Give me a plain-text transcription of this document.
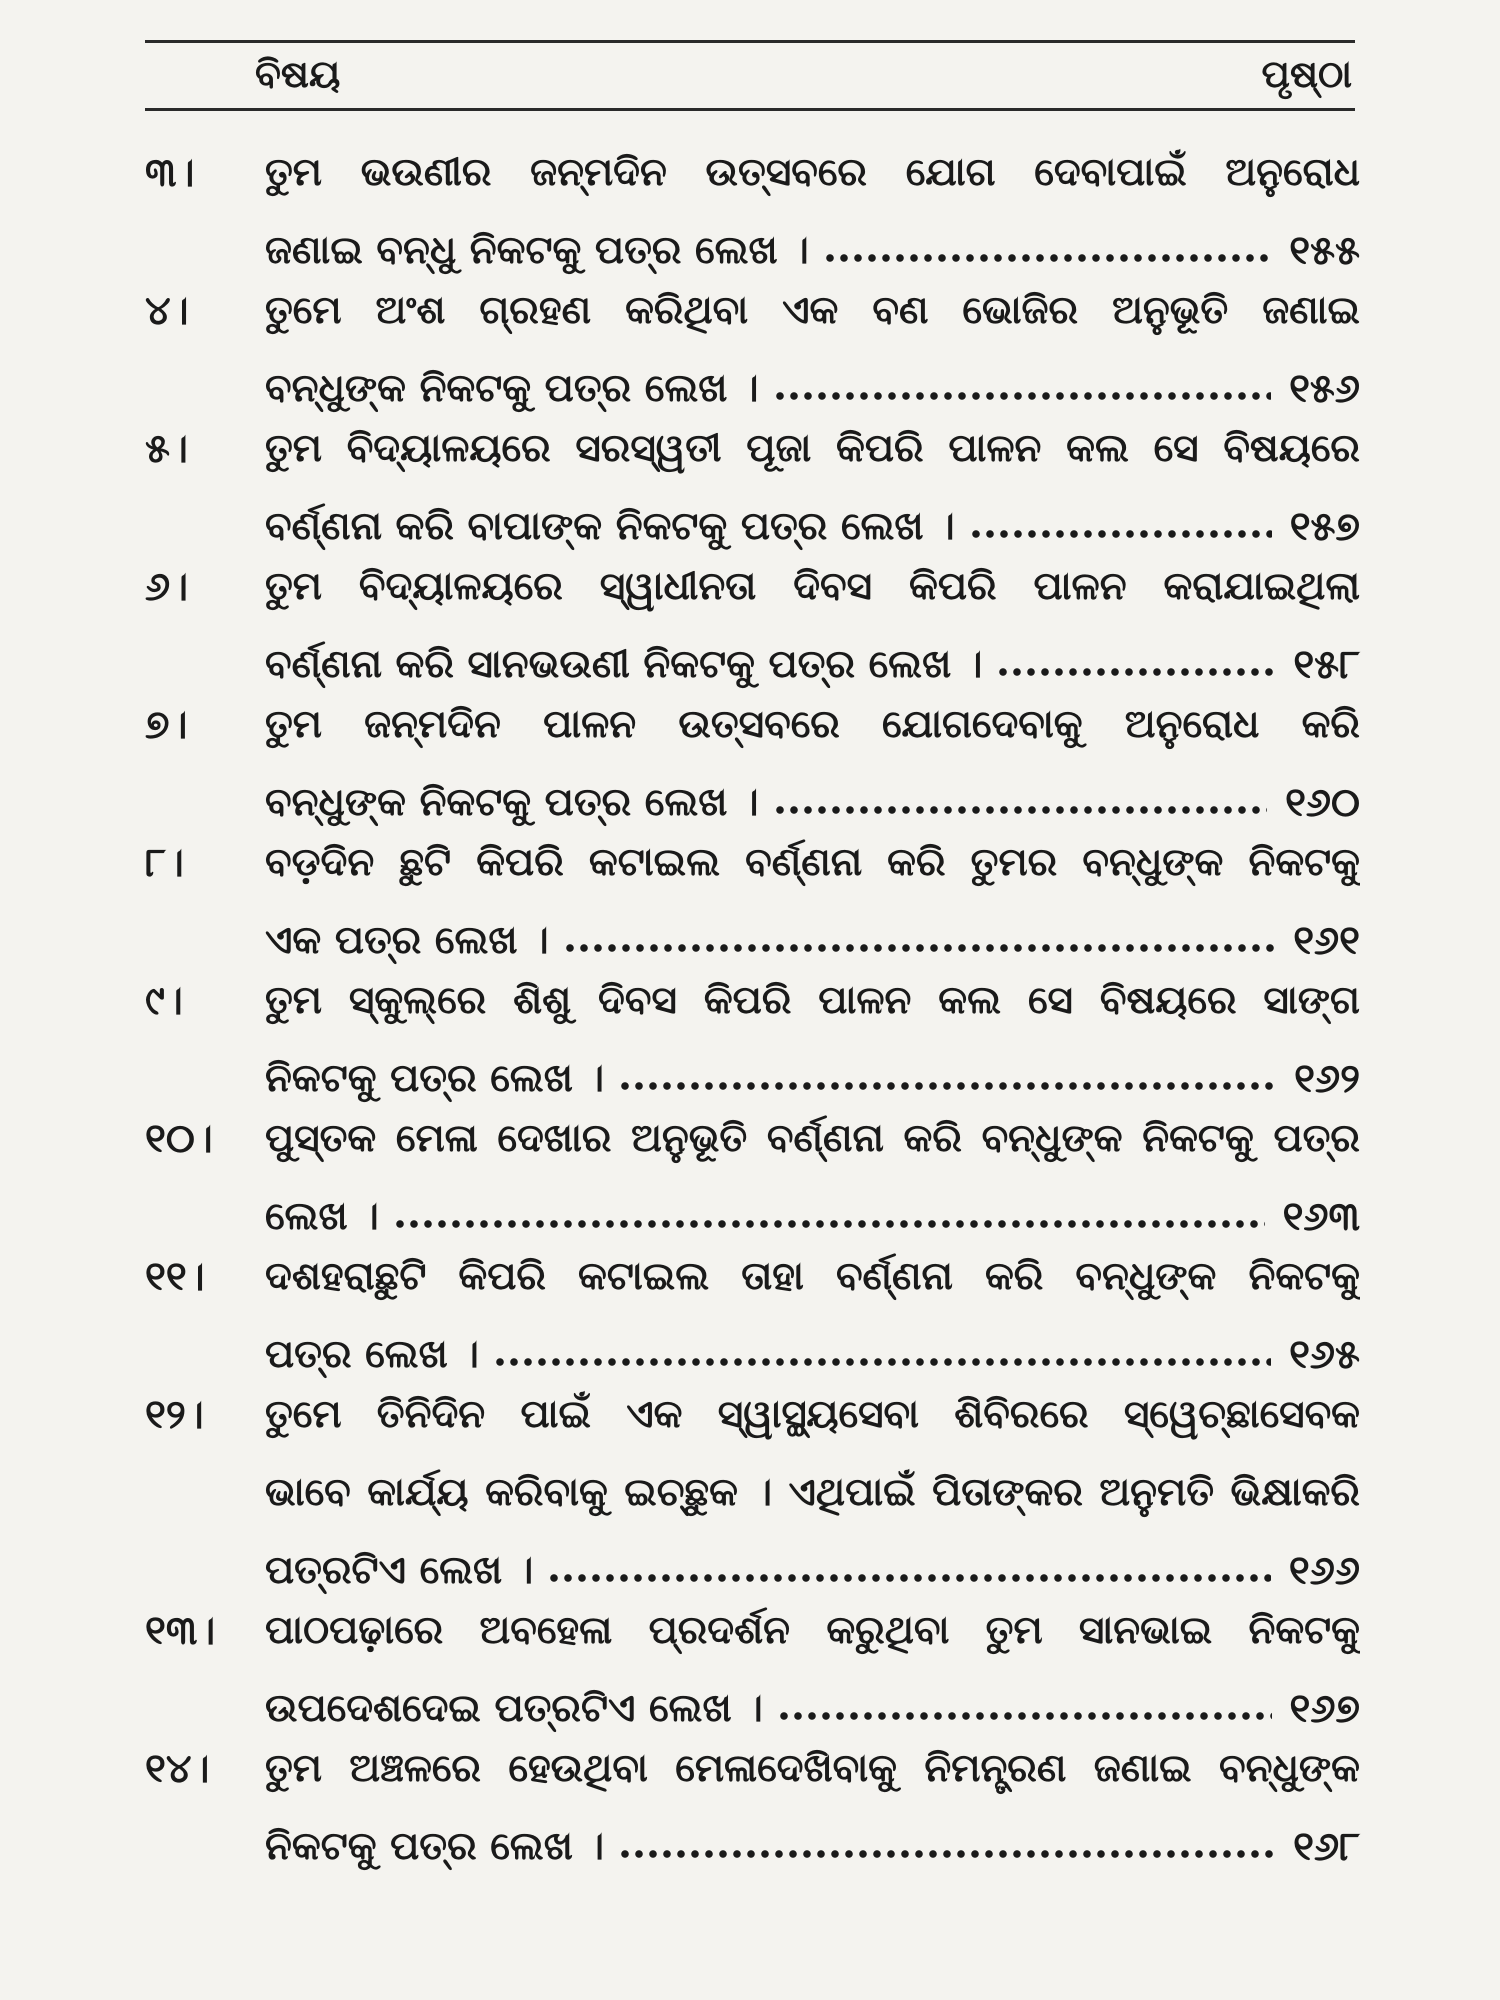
ବିଷୟ	ପୃଷ୍ଠା
୩।	ତୁମ ଭଉଣୀର ଜନ୍ମଦିନ ଉତ୍ସବରେ ଯୋଗ ଦେବାପାଇଁ ଅନୁରୋଧ
ଜଣାଇ ବନ୍ଧୁ ନିକଟକୁ ପତ୍ର ଲେଖ ।	୧୫୫
୪।	ତୁମେ ଅଂଶ ଗ୍ରହଣ କରିଥିବା ଏକ ବଣ ଭୋଜିର ଅନୁଭୂତି ଜଣାଇ
ବନ୍ଧୁଙ୍କ ନିକଟକୁ ପତ୍ର ଲେଖ ।	୧୫୬
୫।	ତୁମ ବିଦ୍ୟାଳୟରେ ସରସ୍ୱତୀ ପୂଜା କିପରି ପାଳନ କଲ ସେ ବିଷୟରେ
ବର୍ଣ୍ଣନା କରି ବାପାଙ୍କ ନିକଟକୁ ପତ୍ର ଲେଖ ।	୧୫୭
୬।	ତୁମ ବିଦ୍ୟାଳୟରେ ସ୍ୱାଧୀନତା ଦିବସ କିପରି ପାଳନ କରାଯାଇଥିଲା
ବର୍ଣ୍ଣନା କରି ସାନଭଉଣୀ ନିକଟକୁ ପତ୍ର ଲେଖ ।	୧୫୮
୭।	ତୁମ ଜନ୍ମଦିନ ପାଳନ ଉତ୍ସବରେ ଯୋଗଦେବାକୁ ଅନୁରୋଧ କରି
ବନ୍ଧୁଙ୍କ ନିକଟକୁ ପତ୍ର ଲେଖ ।	୧୬୦
୮।	ବଡ଼ଦିନ ଛୁଟି କିପରି କଟାଇଲ ବର୍ଣ୍ଣନା କରି ତୁମର ବନ୍ଧୁଙ୍କ ନିକଟକୁ
ଏକ ପତ୍ର ଲେଖ ।	୧୬୧
୯।	ତୁମ ସ୍କୁଲ୍‌ରେ ଶିଶୁ ଦିବସ କିପରି ପାଳନ କଲ ସେ ବିଷୟରେ ସାଙ୍ଗ
ନିକଟକୁ ପତ୍ର ଲେଖ ।	୧୬୨
୧୦।	ପୁସ୍ତକ ମେଳା ଦେଖାର ଅନୁଭୂତି ବର୍ଣ୍ଣନା କରି ବନ୍ଧୁଙ୍କ ନିକଟକୁ ପତ୍ର
ଲେଖ ।	୧୬୩
୧୧।	ଦଶହରାଛୁଟି କିପରି କଟାଇଲ ତାହା ବର୍ଣ୍ଣନା କରି ବନ୍ଧୁଙ୍କ ନିକଟକୁ
ପତ୍ର ଲେଖ ।	୧୬୫
୧୨।	ତୁମେ ତିନିଦିନ ପାଇଁ ଏକ ସ୍ୱାସ୍ଥ୍ୟସେବା ଶିବିରରେ ସ୍ୱେଚ୍ଛାସେବକ
ଭାବେ କାର୍ଯ୍ୟ କରିବାକୁ ଇଚ୍ଛୁକ । ଏଥିପାଇଁ ପିତାଙ୍କର ଅନୁମତି ଭିକ୍ଷାକରି
ପତ୍ରଟିଏ ଲେଖ ।	୧୬୬
୧୩।	ପାଠପଢ଼ାରେ ଅବହେଳା ପ୍ରଦର୍ଶନ କରୁଥିବା ତୁମ ସାନଭାଇ ନିକଟକୁ
ଉପଦେଶଦେଇ ପତ୍ରଟିଏ ଲେଖ ।	୧୬୭
୧୪।	ତୁମ ଅଞ୍ଚଳରେ ହେଉଥିବା ମେଳାଦେଖିବାକୁ ନିମନ୍ତ୍ରଣ ଜଣାଇ ବନ୍ଧୁଙ୍କ
ନିକଟକୁ ପତ୍ର ଲେଖ ।	୧୬୮
